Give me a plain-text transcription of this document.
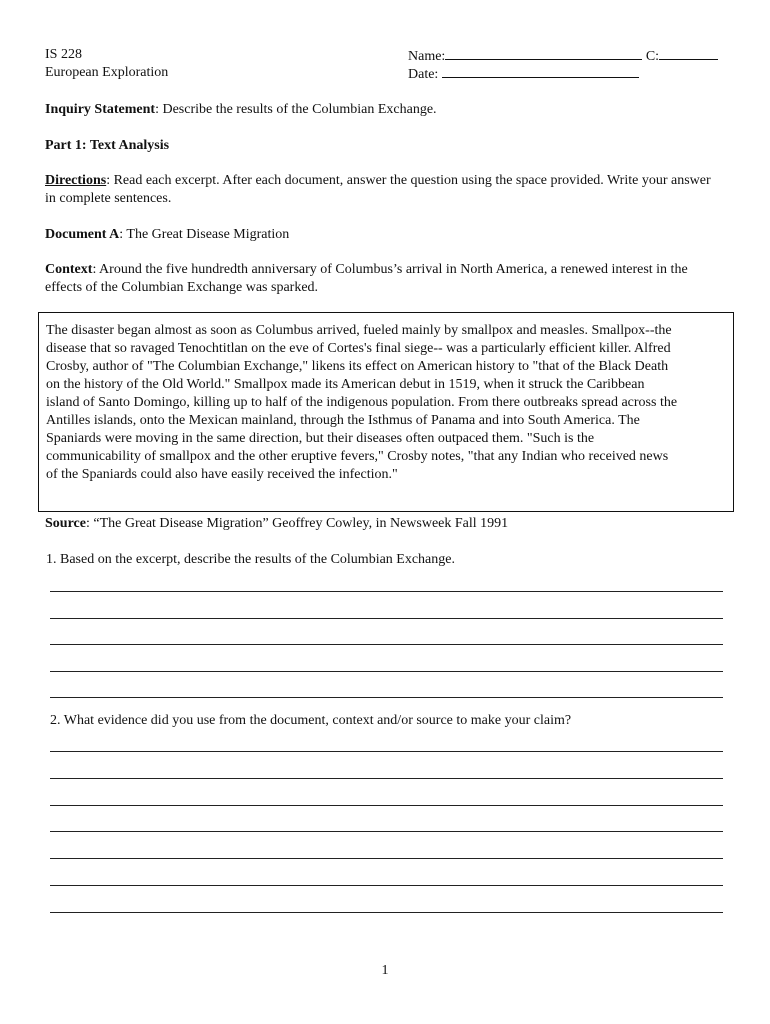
IS 228
European Exploration
Name:	C:
Date:
Inquiry Statement: Describe the results of the Columbian Exchange.
Part 1: Text Analysis
Directions: Read each excerpt. After each document, answer the question using the space provided. Write your answer in complete sentences.
Document A: The Great Disease Migration
Context: Around the five hundredth anniversary of Columbus’s arrival in North America, a renewed interest in the effects of the Columbian Exchange was sparked.
The disaster began almost as soon as Columbus arrived, fueled mainly by smallpox and measles. Smallpox--the
disease that so ravaged Tenochtitlan on the eve of Cortes's final siege-- was a particularly efficient killer. Alfred
Crosby, author of "The Columbian Exchange," likens its effect on American history to "that of the Black Death
on the history of the Old World." Smallpox made its American debut in 1519, when it struck the Caribbean
island of Santo Domingo, killing up to half of the indigenous population. From there outbreaks spread across the
Antilles islands, onto the Mexican mainland, through the Isthmus of Panama and into South America. The
Spaniards were moving in the same direction, but their diseases often outpaced them. "Such is the
communicability of smallpox and the other eruptive fevers," Crosby notes, "that any Indian who received news
of the Spaniards could also have easily received the infection."
Source: “The Great Disease Migration” Geoffrey Cowley, in Newsweek Fall 1991
1. Based on the excerpt, describe the results of the Columbian Exchange.
2. What evidence did you use from the document, context and/or source to make your claim?
1
